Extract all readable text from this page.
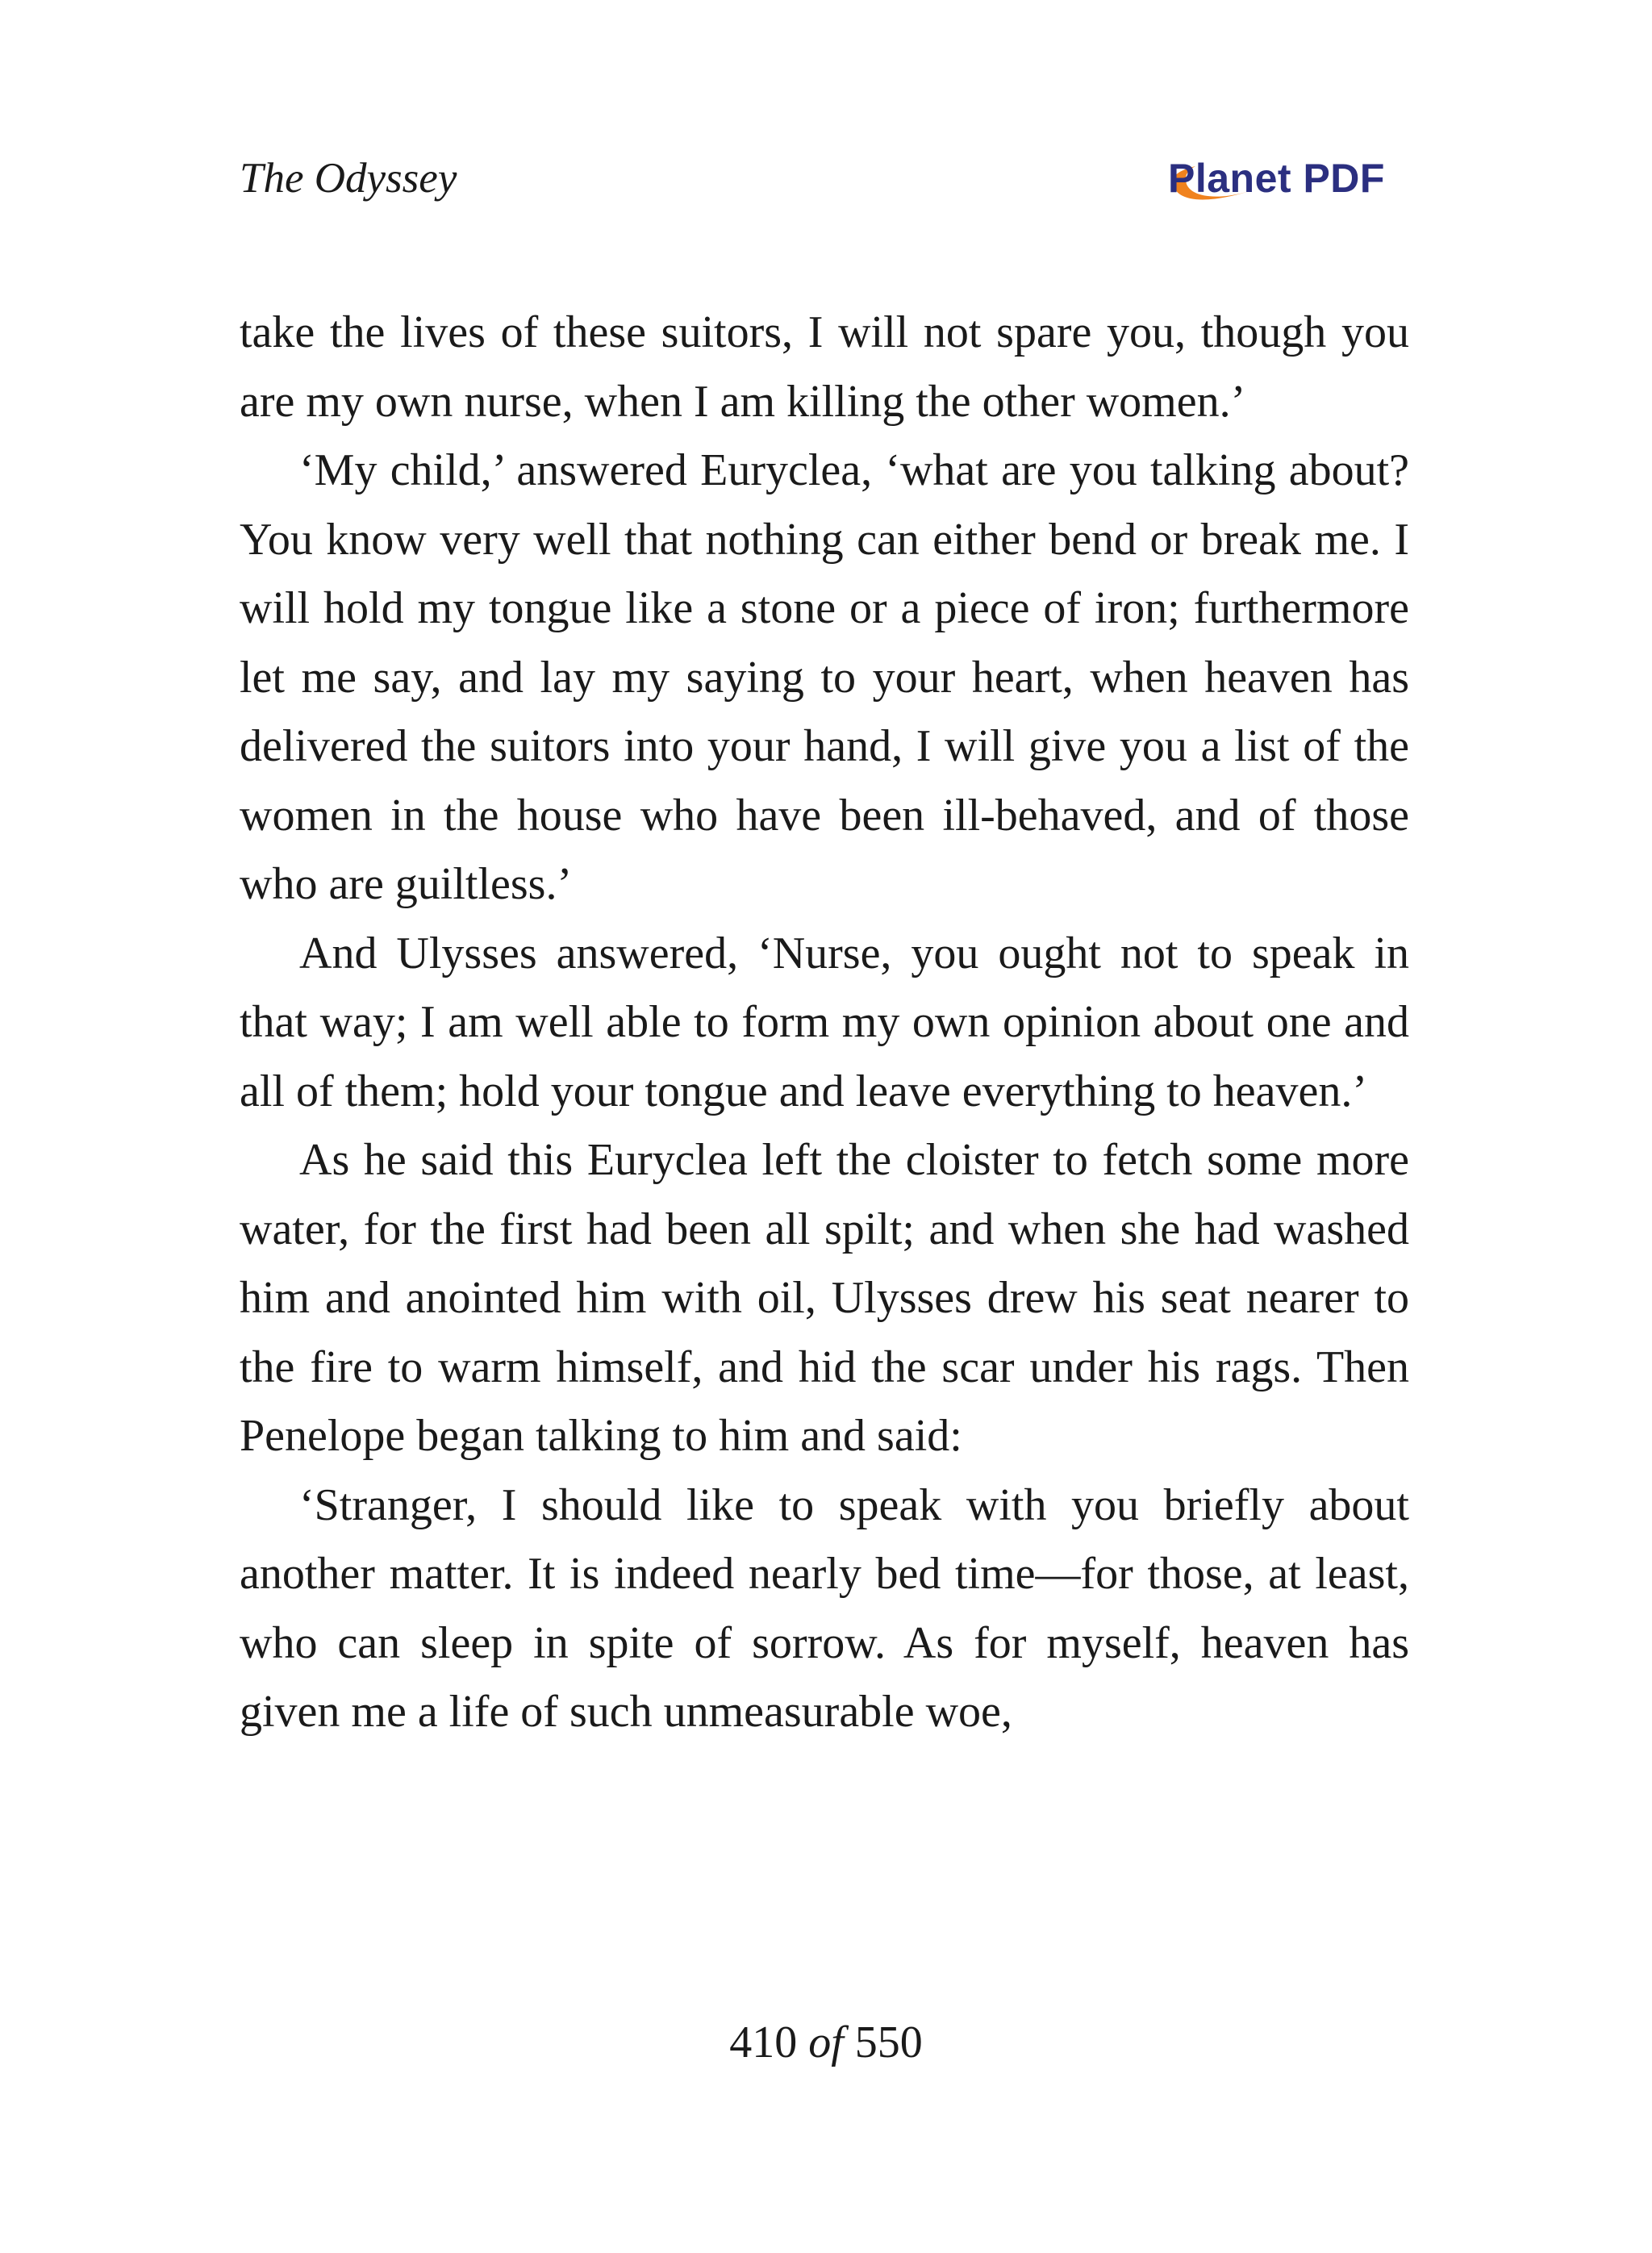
The Odyssey	Planet PDF

take the lives of these suitors, I will not spare you, though you are my own nurse, when I am killing the other women.’

‘My child,’ answered Euryclea, ‘what are you talking about? You know very well that nothing can either bend or break me. I will hold my tongue like a stone or a piece of iron; furthermore let me say, and lay my saying to your heart, when heaven has delivered the suitors into your hand, I will give you a list of the women in the house who have been ill-behaved, and of those who are guiltless.’

And Ulysses answered, ‘Nurse, you ought not to speak in that way; I am well able to form my own opinion about one and all of them; hold your tongue and leave everything to heaven.’

As he said this Euryclea left the cloister to fetch some more water, for the first had been all spilt; and when she had washed him and anointed him with oil, Ulysses drew his seat nearer to the fire to warm himself, and hid the scar under his rags. Then Penelope began talking to him and said:

‘Stranger, I should like to speak with you briefly about another matter. It is indeed nearly bed time—for those, at least, who can sleep in spite of sorrow. As for myself, heaven has given me a life of such unmeasurable woe,

410 of 550
